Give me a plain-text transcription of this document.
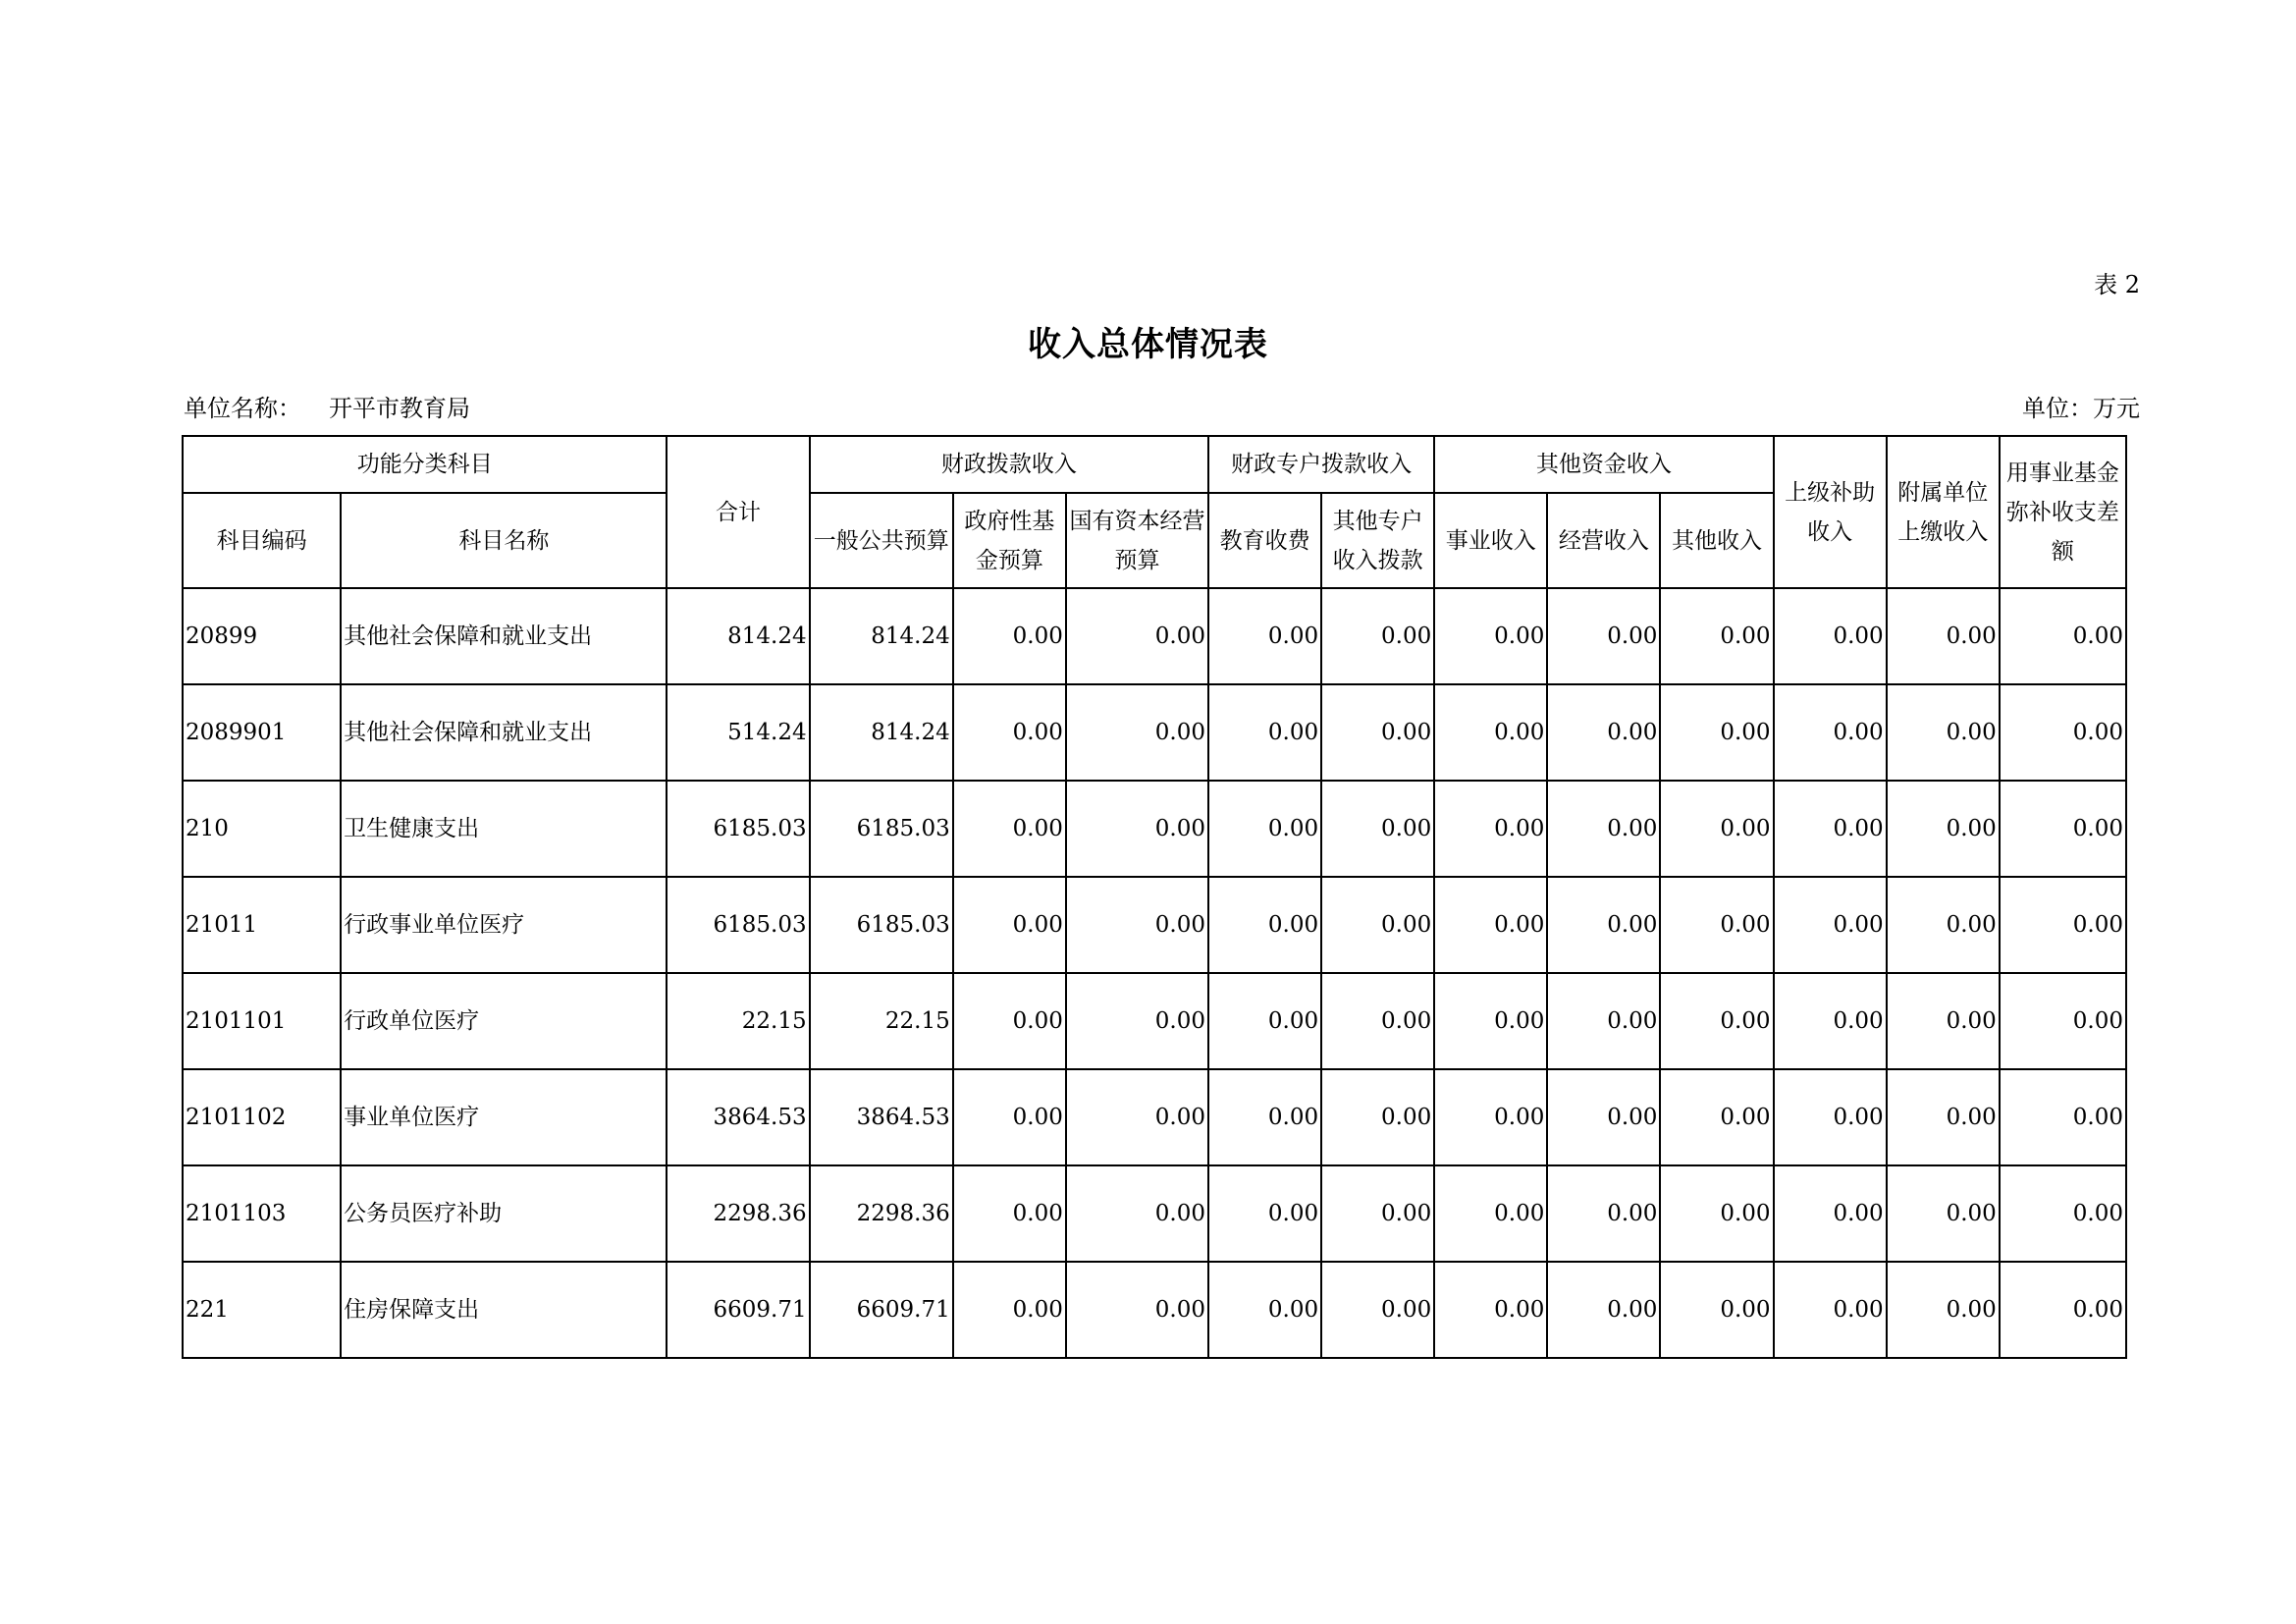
表 2
收入总体情况表
单位名称： 开平市教育局	单位：万元
功能分类科目		合计	财政拨款收入			财政专户拨款收入		其他资金收入			上级补助收入	附属单位上缴收入	用事业基金弥补收支差额

科目编码	科目名称		一般公共预算	政府性基金预算	国有资本经营预算	教育收费	其他专户收入拨款	事业收入	经营收入	其他收入			
20899	其他社会保障和就业支出	814.24	814.24	0.00	0.00	0.00	0.00	0.00	0.00	0.00	0.00	0.00	0.00
2089901	其他社会保障和就业支出	514.24	814.24	0.00	0.00	0.00	0.00	0.00	0.00	0.00	0.00	0.00	0.00
210	卫生健康支出	6185.03	6185.03	0.00	0.00	0.00	0.00	0.00	0.00	0.00	0.00	0.00	0.00
21011	行政事业单位医疗	6185.03	6185.03	0.00	0.00	0.00	0.00	0.00	0.00	0.00	0.00	0.00	0.00
2101101	行政单位医疗	22.15	22.15	0.00	0.00	0.00	0.00	0.00	0.00	0.00	0.00	0.00	0.00
2101102	事业单位医疗	3864.53	3864.53	0.00	0.00	0.00	0.00	0.00	0.00	0.00	0.00	0.00	0.00
2101103	公务员医疗补助	2298.36	2298.36	0.00	0.00	0.00	0.00	0.00	0.00	0.00	0.00	0.00	0.00
221	住房保障支出	6609.71	6609.71	0.00	0.00	0.00	0.00	0.00	0.00	0.00	0.00	0.00	0.00
